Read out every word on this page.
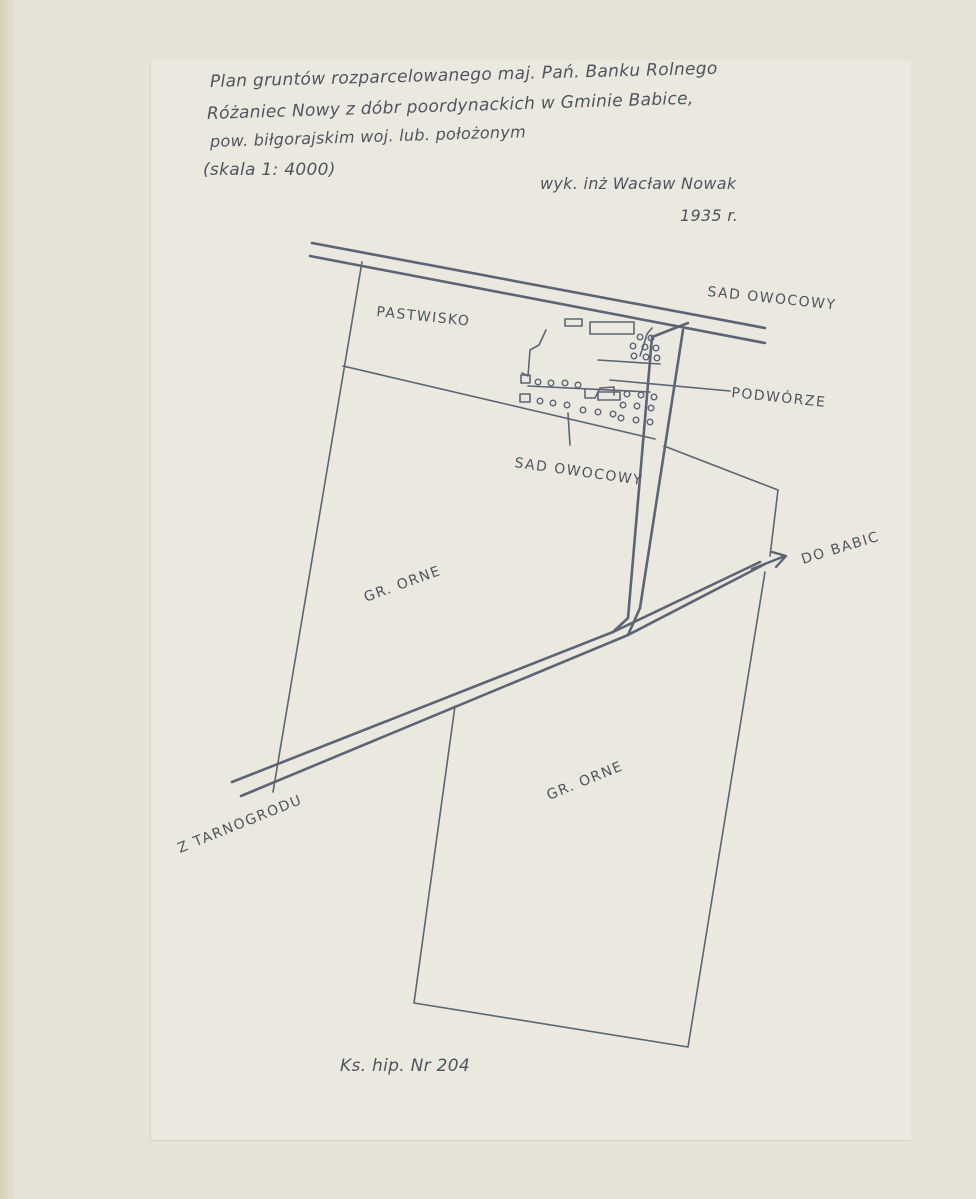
Plan gruntów rozparcelowanego maj. Pań. Banku Rolnego

Różaniec Nowy z dóbr poordynackich w Gminie Babice,

pow. biłgorajskim woj. lub. położonym

(skala 1: 4000)

wyk. inż Wacław Nowak

1935 r.

PASTWISKO
SAD OWOCOWY
PODWÓRZE
SAD OWOCOWY
GR. ORNE
GR. ORNE
DO BABIC
Z TARNOGRODU

Ks. hip. Nr 204
